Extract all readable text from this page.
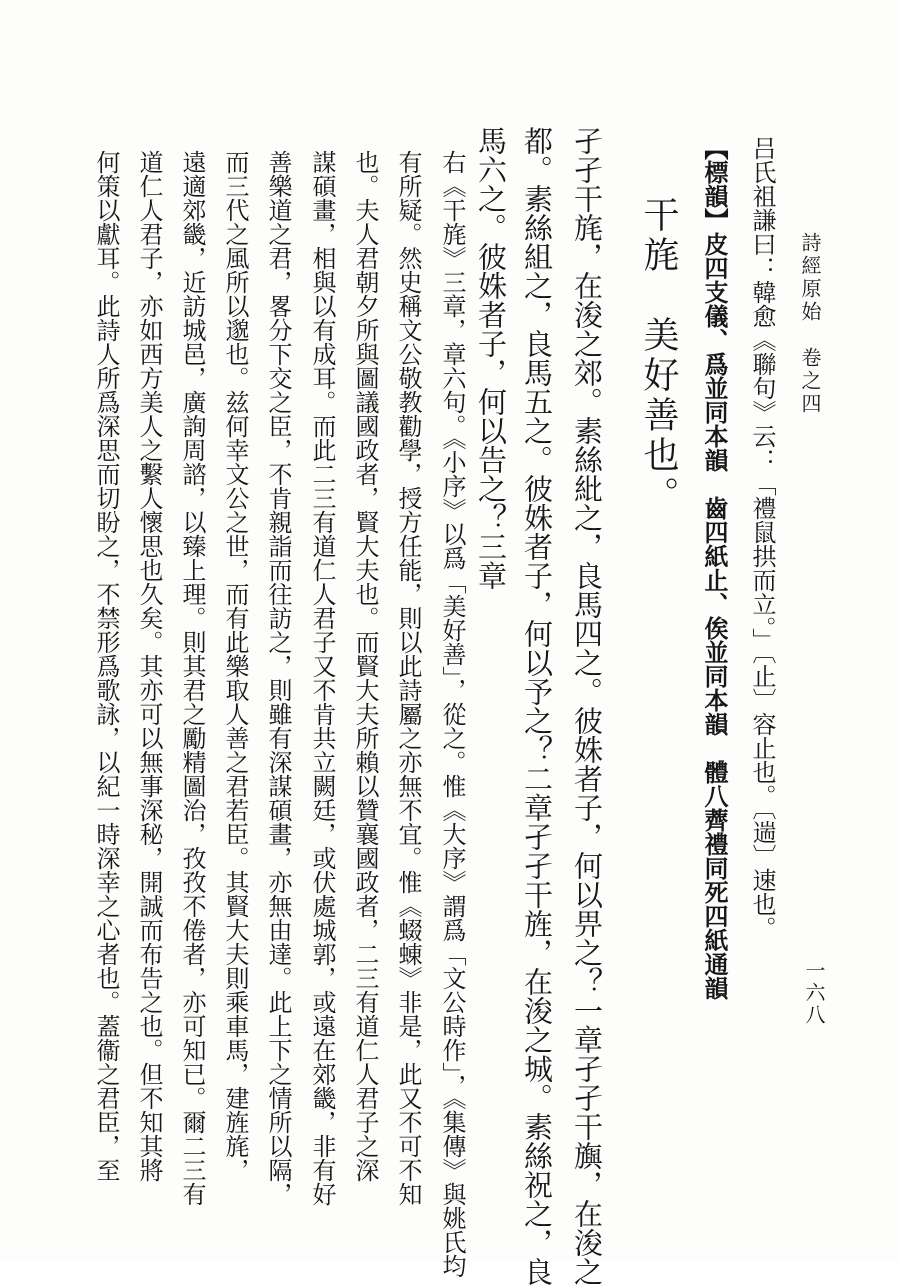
詩經原始　卷之四
一六八
吕氏祖謙曰：韓愈《聯句》云：「禮鼠拱而立。」〔止〕容止也。〔遄〕速也。
【標韻】皮四支儀、爲並同本韻　齒四紙止、俟並同本韻　體八薺禮同死四紙通韻
干旄　美好善也。
孑孑干旄，在浚之郊。素絲紕之，良馬四之。彼姝者子，何以畀之？一章孑孑干旟，在浚之
都。素絲組之，良馬五之。彼姝者子，何以予之？二章孑孑干旌，在浚之城。素絲祝之，良
馬六之。彼姝者子，何以告之？三章
右《干旄》三章，章六句。《小序》以爲「美好善」，從之。惟《大序》謂爲「文公時作」，《集傳》與姚氏均
有所疑。然史稱文公敬教勸學，授方任能，則以此詩屬之亦無不宜。惟《蝃蝀》非是，此又不可不知
也。夫人君朝夕所與圖議國政者，賢大夫也。而賢大夫所賴以贊襄國政者，二三有道仁人君子之深
謀碩畫，相與以有成耳。而此二三有道仁人君子又不肯共立闕廷，或伏處城郭，或遠在郊畿，非有好
善樂道之君，畧分下交之臣，不肯親詣而往訪之，則雖有深謀碩畫，亦無由達。此上下之情所以隔，
而三代之風所以邈也。兹何幸文公之世，而有此樂取人善之君若臣。其賢大夫則乘車馬，建旌旄，
遠適郊畿，近訪城邑，廣詢周諮，以臻上理。則其君之勵精圖治，孜孜不倦者，亦可知已。爾二三有
道仁人君子，亦如西方美人之繫人懷思也久矣。其亦可以無事深秘，開誠而布告之也。但不知其將
何策以獻耳。此詩人所爲深思而切盼之，不禁形爲歌詠，以紀一時深幸之心者也。蓋衞之君臣，至
